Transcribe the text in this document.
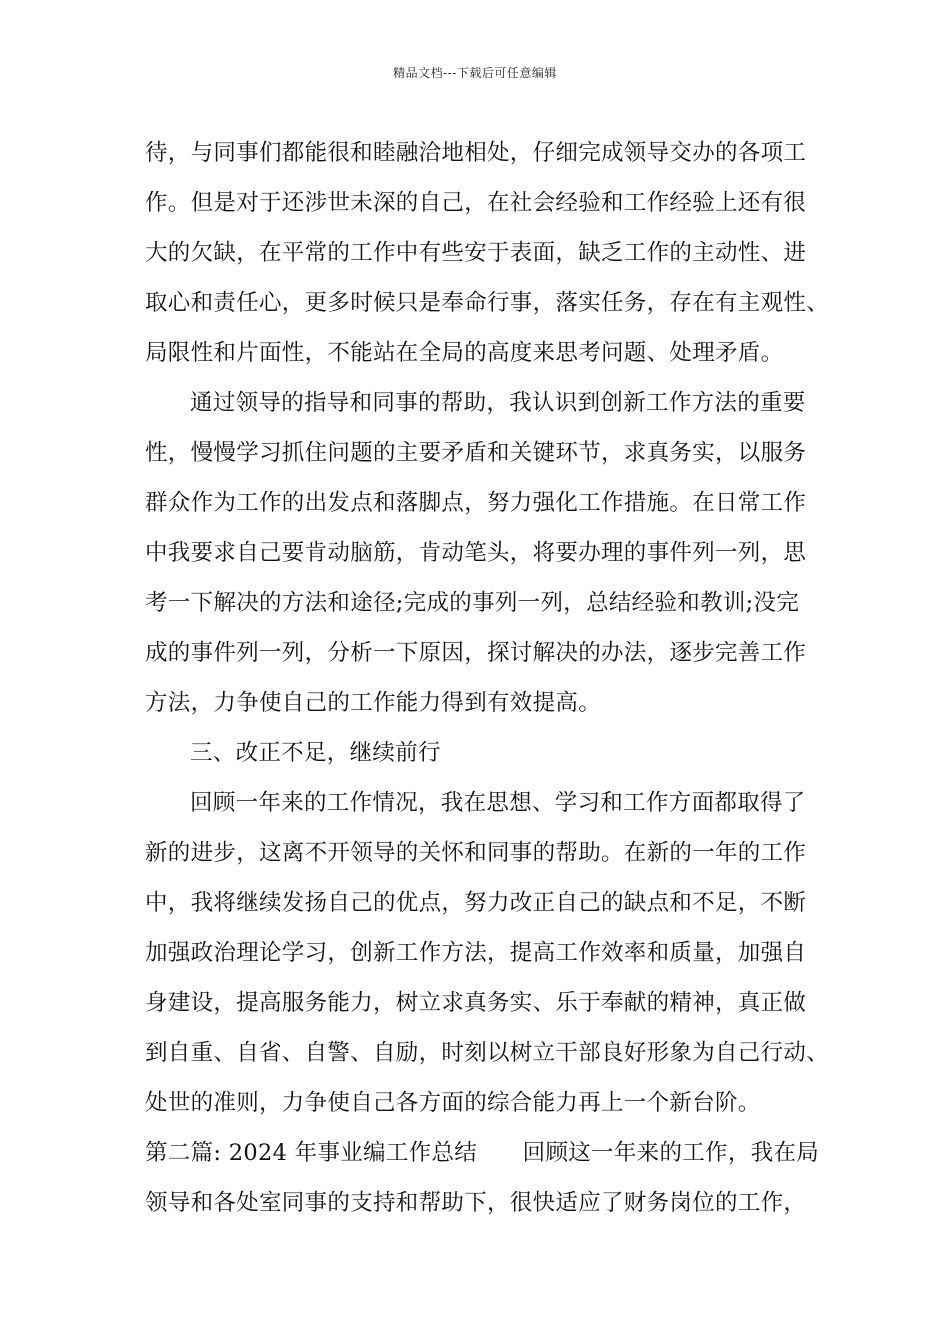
精品文档---下载后可任意编辑
待，与同事们都能很和睦融洽地相处，仔细完成领导交办的各项工
作。但是对于还涉世未深的自己，在社会经验和工作经验上还有很
大的欠缺，在平常的工作中有些安于表面，缺乏工作的主动性、进
取心和责任心，更多时候只是奉命行事，落实任务，存在有主观性、
局限性和片面性，不能站在全局的高度来思考问题、处理矛盾。
通过领导的指导和同事的帮助，我认识到创新工作方法的重要
性，慢慢学习抓住问题的主要矛盾和关键环节，求真务实，以服务
群众作为工作的出发点和落脚点，努力强化工作措施。在日常工作
中我要求自己要肯动脑筋，肯动笔头，将要办理的事件列一列，思
考一下解决的方法和途径;完成的事列一列，总结经验和教训;没完
成的事件列一列，分析一下原因，探讨解决的办法，逐步完善工作
方法，力争使自己的工作能力得到有效提高。
三、改正不足，继续前行
回顾一年来的工作情况，我在思想、学习和工作方面都取得了
新的进步，这离不开领导的关怀和同事的帮助。在新的一年的工作
中，我将继续发扬自己的优点，努力改正自己的缺点和不足，不断
加强政治理论学习，创新工作方法，提高工作效率和质量，加强自
身建设，提高服务能力，树立求真务实、乐于奉献的精神，真正做
到自重、自省、自警、自励，时刻以树立干部良好形象为自己行动、
处世的准则，力争使自己各方面的综合能力再上一个新台阶。
第二篇: 2024 年事业编工作总结　　回顾这一年来的工作，我在局
领导和各处室同事的支持和帮助下，很快适应了财务岗位的工作，
